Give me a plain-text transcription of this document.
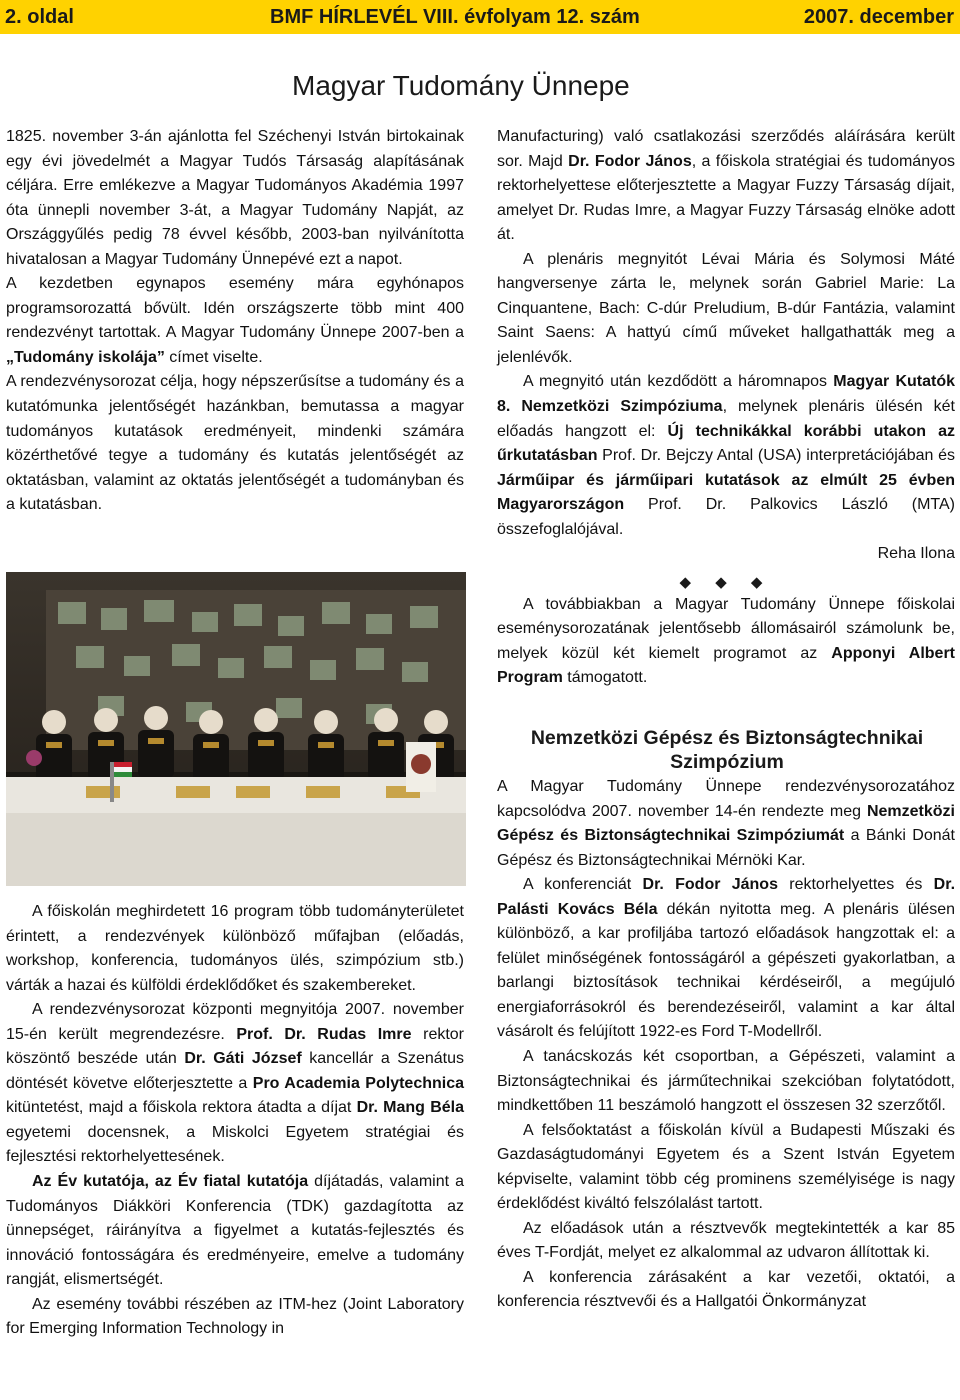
2. oldal	BMF HÍRLEVÉL VIII. évfolyam 12. szám	2007. december
Magyar Tudomány Ünnepe

1825. november 3-án ajánlotta fel Széchenyi István birtokainak egy évi jövedelmét a Magyar Tudós Társaság alapításának céljára. Erre emlékezve a Magyar Tudományos Akadémia 1997 óta ünnepli november 3-át, a Magyar Tudomány Napját, az Országgyűlés pedig 78 évvel később, 2003-ban nyilvánította hivatalosan a Magyar Tudomány Ünnepévé ezt a napot.

A kezdetben egynapos esemény mára egyhónapos programsorozattá bővült. Idén országszerte több mint 400 rendezvényt tartottak. A Magyar Tudomány Ünnepe 2007-ben a „Tudomány iskolája” címet viselte.

A rendezvénysorozat célja, hogy népszerűsítse a tudomány és a kutatómunka jelentőségét hazánkban, bemutassa a magyar tudományos kutatások eredményeit, mindenki számára közérthetővé tegye a tudomány és kutatás jelentőségét az oktatásban, valamint az oktatás jelentőségét a tudományban és a kutatásban.

A főiskolán meghirdetett 16 program több tudományterületet érintett, a rendezvények különböző műfajban (előadás, workshop, konferencia, tudományos ülés, szimpózium stb.) várták a hazai és külföldi érdeklődőket és szakembereket.

A rendezvénysorozat központi megnyitója 2007. november 15-én került megrendezésre. Prof. Dr. Rudas Imre rektor köszöntő beszéde után Dr. Gáti József kancellár a Szenátus döntését követve előterjesztette a Pro Academia Polytechnica kitüntetést, majd a főiskola rektora átadta a díjat Dr. Mang Béla egyetemi docensnek, a Miskolci Egyetem stratégiai és fejlesztési rektorhelyettesének.

Az Év kutatója, az Év fiatal kutatója díjátadás, valamint a Tudományos Diákköri Konferencia (TDK) gazdagította az ünnepséget, ráirányítva a figyelmet a kutatás-fejlesztés és innováció fontosságára és eredményeire, emelve a tudomány rangját, elismertségét.

Az esemény további részében az ITM-hez (Joint Laboratory for Emerging Information Technology in

Manufacturing) való csatlakozási szerződés aláírására került sor. Majd Dr. Fodor János, a főiskola stratégiai és tudományos rektorhelyettese előterjesztette a Magyar Fuzzy Társaság díjait, amelyet Dr. Rudas Imre, a Magyar Fuzzy Társaság elnöke adott át.

A plenáris megnyitót Lévai Mária és Solymosi Máté hangversenye zárta le, melynek során Gabriel Marie: La Cinquantene, Bach: C-dúr Preludium, B-dúr Fantázia, valamint Saint Saens: A hattyú című műveket hallgathatták meg a jelenlévők.

A megnyitó után kezdődött a háromnapos Magyar Kutatók 8. Nemzetközi Szimpóziuma, melynek plenáris ülésén két előadás hangzott el: Új technikákkal korábbi utakon az űrkutatásban Prof. Dr. Bejczy Antal (USA) interpretációjában és Járműipar és járműipari kutatások az elmúlt 25 évben Magyarországon Prof. Dr. Palkovics László (MTA) összefoglalójával.

Reha Ilona

◆ ◆ ◆

A továbbiakban a Magyar Tudomány Ünnepe főiskolai eseménysorozatának jelentősebb állomásairól számolunk be, melyek közül két kiemelt programot az Apponyi Albert Program támogatott.

Nemzetközi Gépész és Biztonságtechnikai Szimpózium

A Magyar Tudomány Ünnepe rendezvénysorozatához kapcsolódva 2007. november 14-én rendezte meg Nemzetközi Gépész és Biztonságtechnikai Szimpóziumát a Bánki Donát Gépész és Biztonságtechnikai Mérnöki Kar.

A konferenciát Dr. Fodor János rektorhelyettes és Dr. Palásti Kovács Béla dékán nyitotta meg. A plenáris ülésen különböző, a kar profiljába tartozó előadások hangzottak el: a felület minőségének fontosságáról a gépészeti gyakorlatban, a barlangi biztosítások technikai kérdéseiről, a megújuló energiaforrásokról és berendezéseiről, valamint a kar által vásárolt és felújított 1922-es Ford T-Modellről.

A tanácskozás két csoportban, a Gépészeti, valamint a Biztonságtechnikai és járműtechnikai szekcióban folytatódott, mindkettőben 11 beszámoló hangzott el összesen 32 szerzőtől.

A felsőoktatást a főiskolán kívül a Budapesti Műszaki és Gazdaságtudományi Egyetem és a Szent István Egyetem képviselte, valamint több cég prominens személyisége is nagy érdeklődést kiváltó felszólalást tartott.

Az előadások után a résztvevők megtekintették a kar 85 éves T-Fordját, melyet ez alkalommal az udvaron állítottak ki.

A konferencia zárásaként a kar vezetői, oktatói, a konferencia résztvevői és a Hallgatói Önkormányzat
